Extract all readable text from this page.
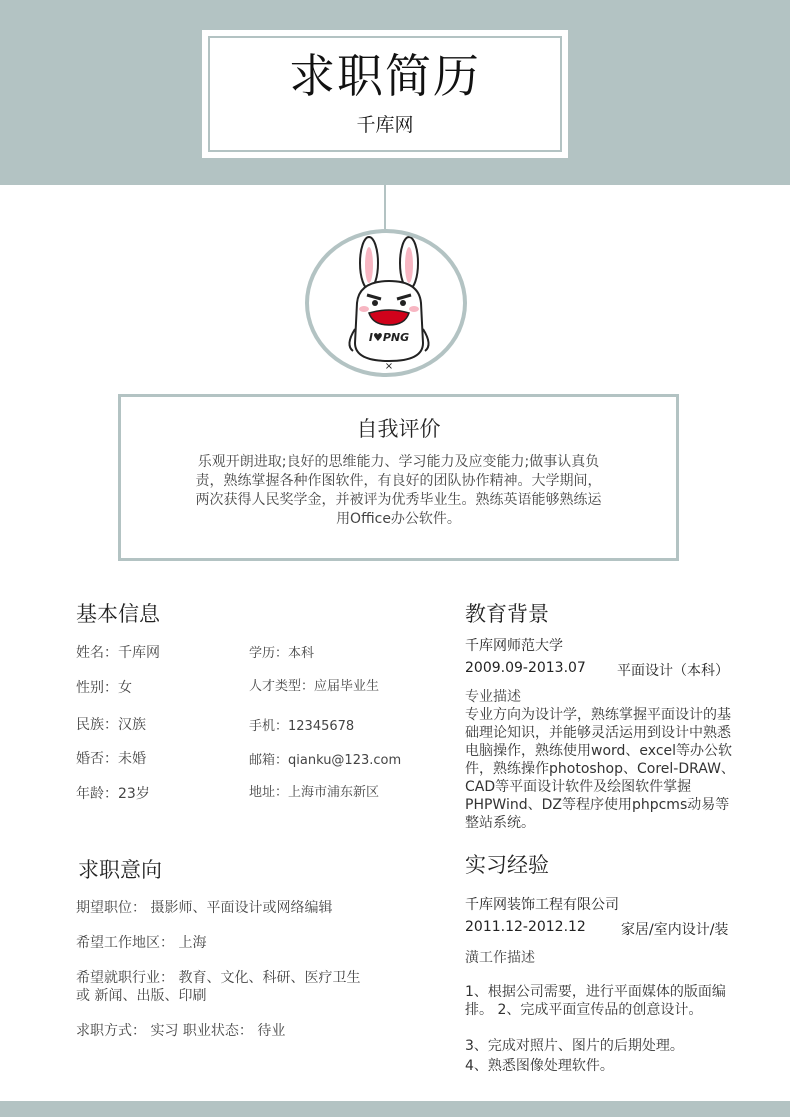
求职简历
千库网
I♥PNG
×
自我评价
乐观开朗进取;良好的思维能力、学习能力及应变能力;做事认真负责，熟练掌握各种作图软件，有良好的团队协作精神。大学期间，两次获得人民奖学金，并被评为优秀毕业生。熟练英语能够熟练运用Office办公软件。
基本信息
姓名：千库网
性别：女
民族：汉族
婚否：未婚
年龄：23岁
学历：本科
人才类型：应届毕业生
手机：12345678
邮箱：qianku@123.com
地址：上海市浦东新区
求职意向
期望职位： 摄影师、平面设计或网络编辑
希望工作地区： 上海
希望就职行业： 教育、文化、科研、医疗卫生 或 新闻、出版、印刷
求职方式： 实习 职业状态： 待业
教育背景
千库网师范大学
2009.09-2013.07 平面设计（本科）
专业描述
专业方向为设计学，熟练掌握平面设计的基础理论知识，并能够灵活运用到设计中熟悉电脑操作，熟练使用word、excel等办公软件，熟练操作photoshop、Corel-DRAW、CAD等平面设计软件及绘图软件掌握PHPWind、DZ等程序使用phpcms动易等整站系统。
实习经验
千库网装饰工程有限公司
2011.12-2012.12	家居/室内设计/装
潢工作描述
1、根据公司需要，进行平面媒体的版面编排。 2、完成平面宣传品的创意设计。
3、完成对照片、图片的后期处理。
4、熟悉图像处理软件。
